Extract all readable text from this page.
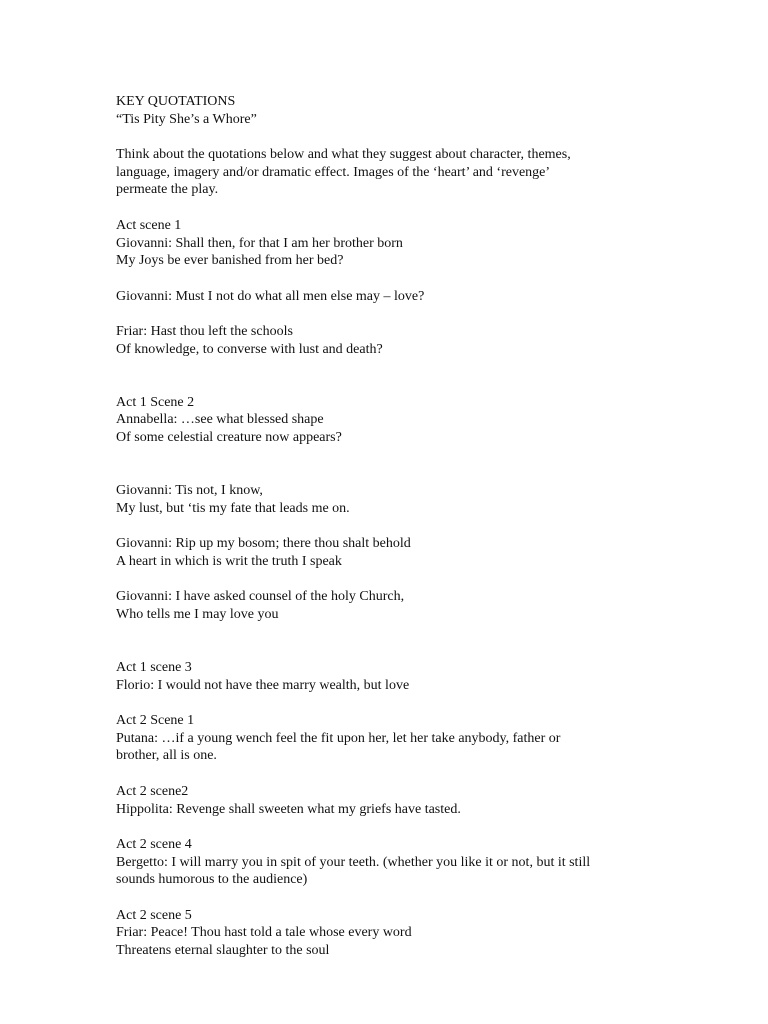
KEY QUOTATIONS
“Tis Pity She’s a Whore”
Think about the quotations below and what they suggest about character, themes,
language, imagery and/or dramatic effect. Images of the ‘heart’ and ‘revenge’
permeate the play.
Act scene 1
Giovanni: Shall then, for that I am her brother born
My Joys be ever banished from her bed?
Giovanni: Must I not do what all men else may – love?
Friar: Hast thou left the schools
Of knowledge, to converse with lust and death?
Act 1 Scene 2
Annabella: …see what blessed shape
Of some celestial creature now appears?
Giovanni: Tis not, I know,
My lust, but ‘tis my fate that leads me on.
Giovanni: Rip up my bosom; there thou shalt behold
A heart in which is writ the truth I speak
Giovanni: I have asked counsel of the holy Church,
Who tells me I may love you
Act 1 scene 3
Florio: I would not have thee marry wealth, but love
Act 2 Scene 1
Putana: …if a young wench feel the fit upon her, let her take anybody, father or
brother, all is one.
Act 2 scene2
Hippolita: Revenge shall sweeten what my griefs have tasted.
Act 2 scene 4
Bergetto: I will marry you in spit of your teeth. (whether you like it or not, but it still
sounds humorous to the audience)
Act 2 scene 5
Friar: Peace! Thou hast told a tale whose every word
Threatens eternal slaughter to the soul
